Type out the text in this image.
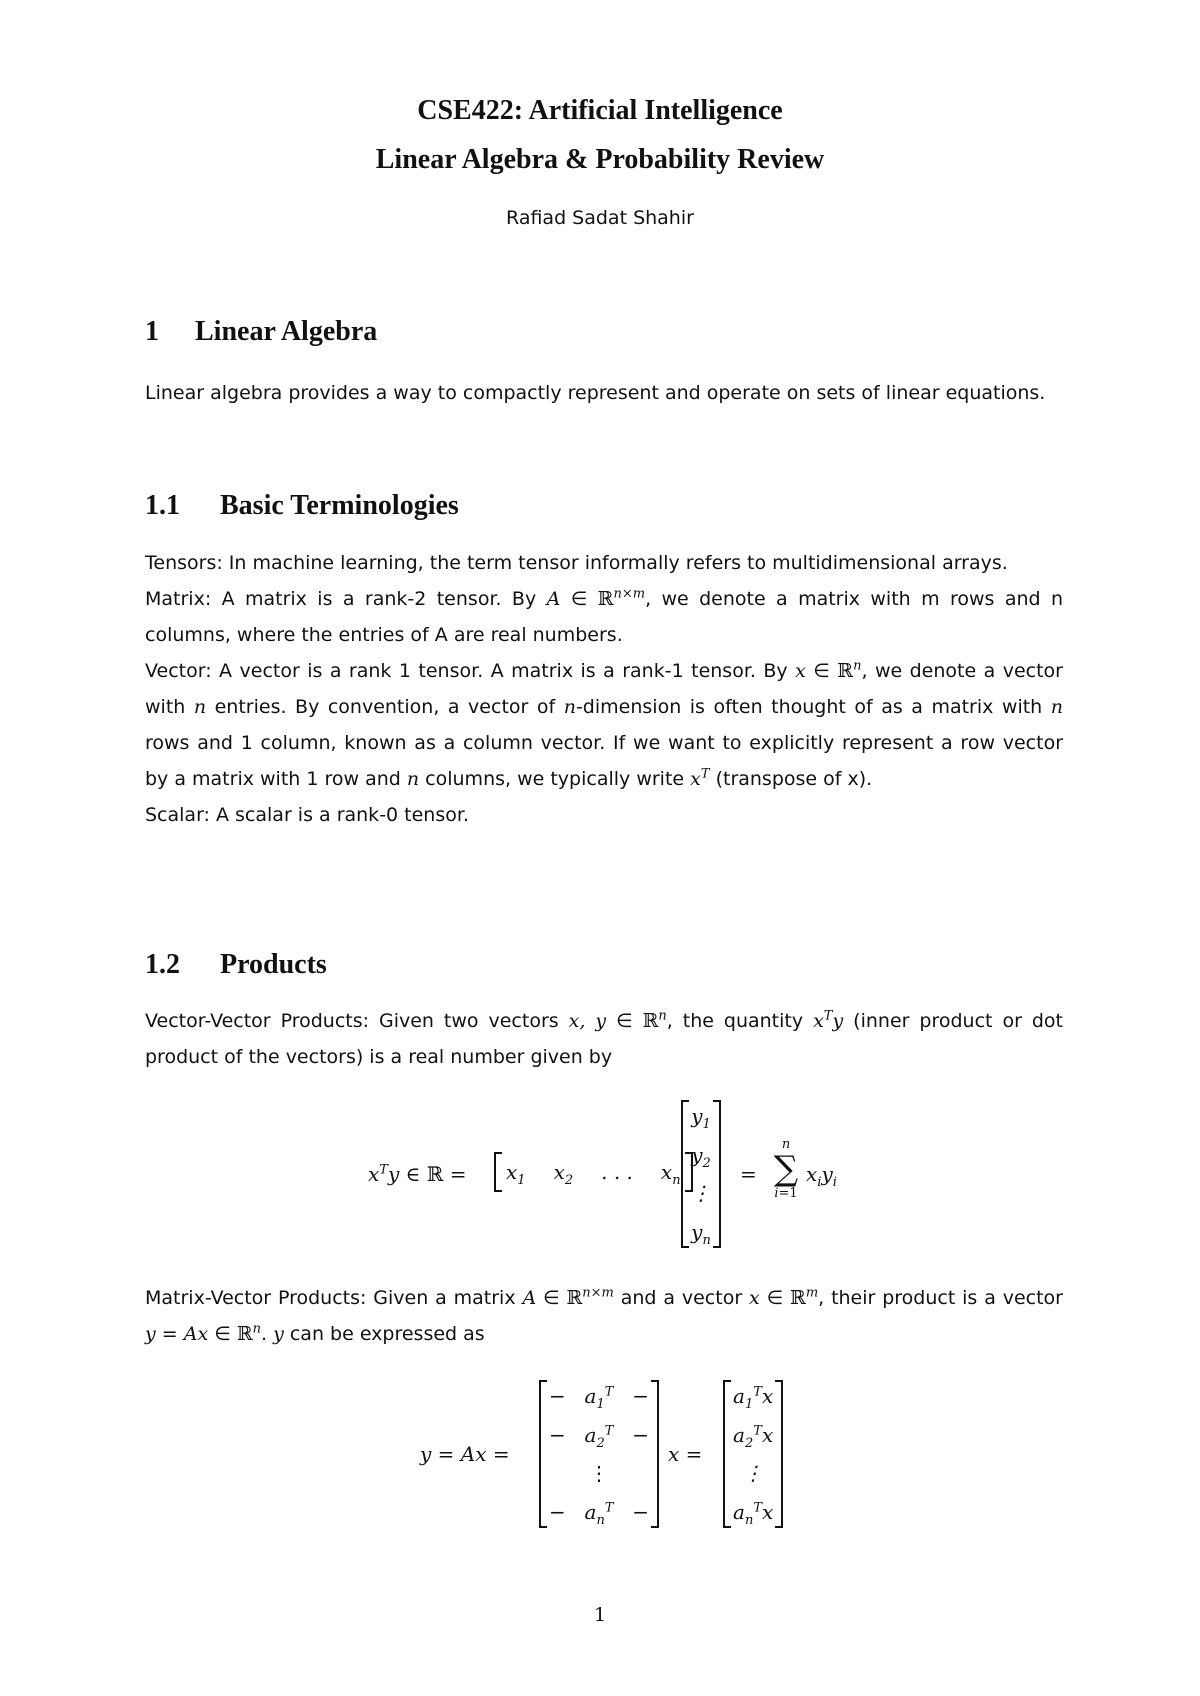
CSE422: Artificial Intelligence
Linear Algebra & Probability Review
Rafiad Sadat Shahir
1 Linear Algebra

Linear algebra provides a way to compactly represent and operate on sets of linear equations.

1.1 Basic Terminologies

Tensors: In machine learning, the term tensor informally refers to multidimensional arrays.

Matrix: A matrix is a rank-2 tensor. By A ∈ ℝ$^{n\times m}$, we denote a matrix with m rows and n columns, where the entries of A are real numbers.

Vector: A vector is a rank 1 tensor. A matrix is a rank-1 tensor. By x ∈ ℝ$^n$, we denote a vector with n entries. By convention, a vector of n-dimension is often thought of as a matrix with n rows and 1 column, known as a column vector. If we want to explicitly represent a row vector by a matrix with 1 row and n columns, we typically write $x^T$ (transpose of x).

Scalar: A scalar is a rank-0 tensor.

1.2 Products

Vector-Vector Products: Given two vectors x, y ∈ ℝ$^n$, the quantity $x^Ty$ (inner product or dot product of the vectors) is a real number given by

$x^Ty$ ∈ ℝ = $x_1$ $x_2$ . . . $x_n$
$y_1$
$y_2$
⋮
$y_n$
=
n
∑
i=1
$x_iy_i$

Matrix-Vector Products: Given a matrix A ∈ ℝ$^{n\times m}$ and a vector x ∈ ℝ$^m$, their product is a vector y = Ax ∈ ℝ$^n$. y can be expressed as

y = Ax =
− $a_1^T$ −
− $a_2^T$ −
⋮
− $a_n^T$ −
x =
$a_1^Tx$
$a_2^Tx$
⋮
$a_n^Tx$
1
